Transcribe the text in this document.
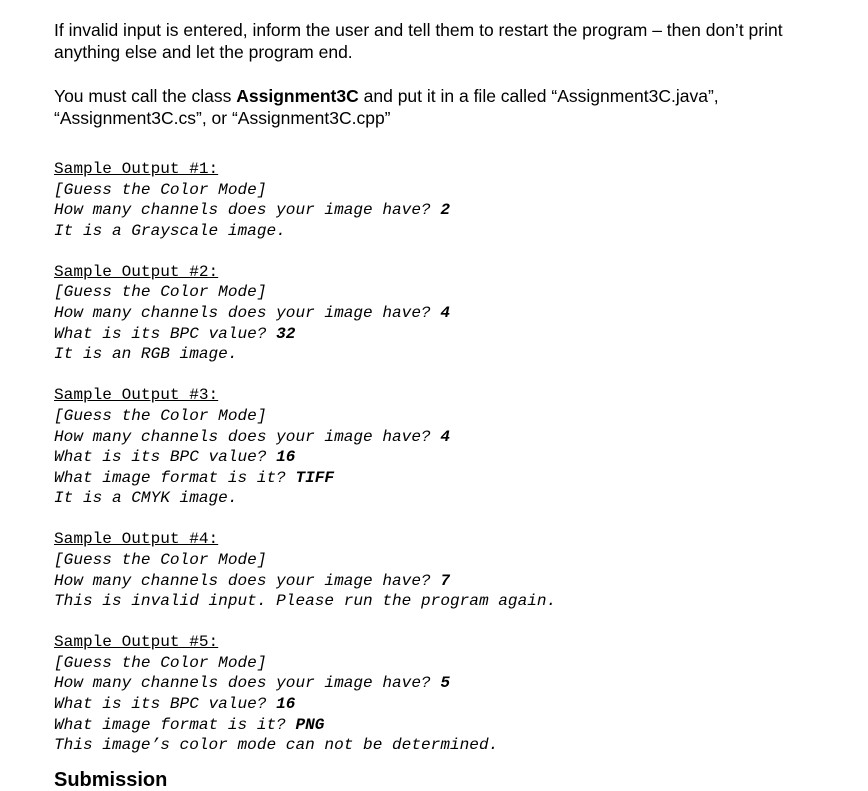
If invalid input is entered, inform the user and tell them to restart the program – then don’t print anything else and let the program end.

You must call the class Assignment3C and put it in a file called “Assignment3C.java”, “Assignment3C.cs”, or “Assignment3C.cpp”

Sample Output #1:
[Guess the Color Mode]
How many channels does your image have? 2
It is a Grayscale image.
Sample Output #2:
[Guess the Color Mode]
How many channels does your image have? 4
What is its BPC value? 32
It is an RGB image.
Sample Output #3:
[Guess the Color Mode]
How many channels does your image have? 4
What is its BPC value? 16
What image format is it? TIFF
It is a CMYK image.
Sample Output #4:
[Guess the Color Mode]
How many channels does your image have? 7
This is invalid input. Please run the program again.
Sample Output #5:
[Guess the Color Mode]
How many channels does your image have? 5
What is its BPC value? 16
What image format is it? PNG
This image’s color mode can not be determined.
Submission
